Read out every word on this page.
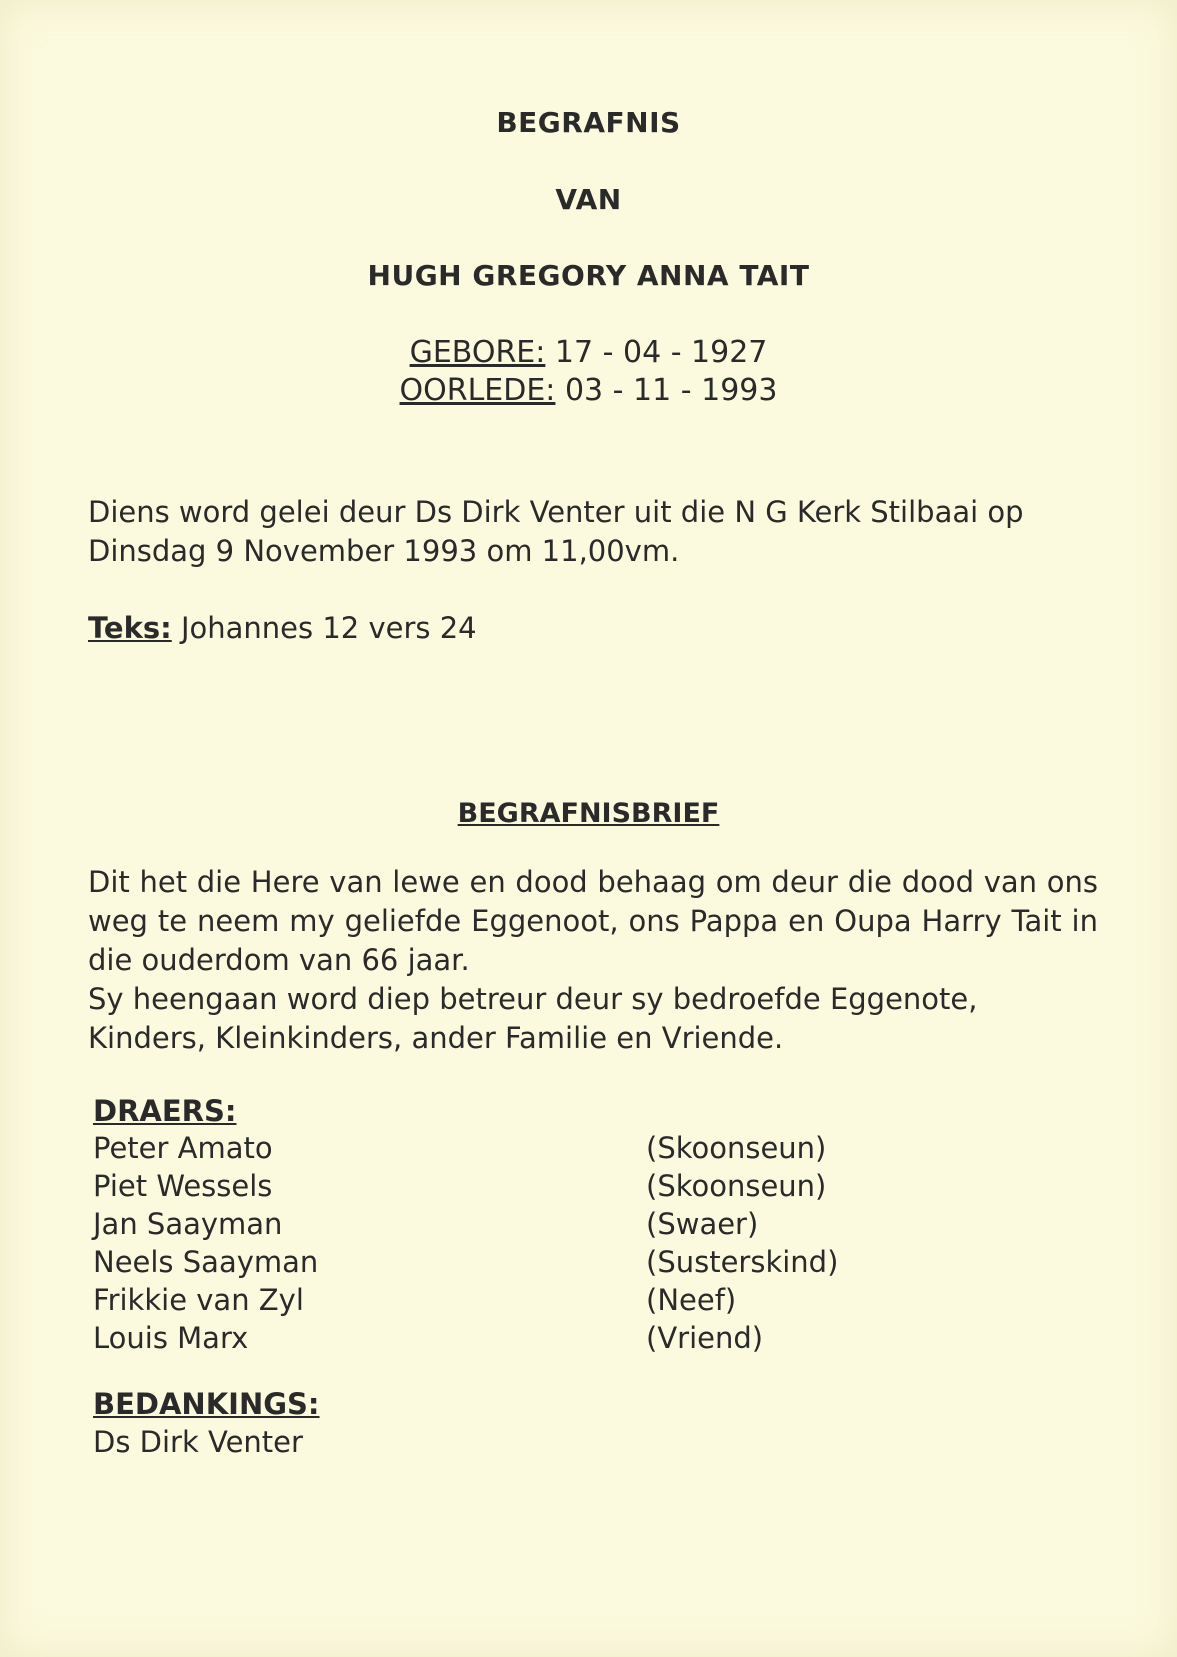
BEGRAFNIS
VAN
HUGH GREGORY ANNA TAIT
GEBORE: 17 - 04 - 1927
OORLEDE: 03 - 11 - 1993
Diens word gelei deur Ds Dirk Venter uit die N G Kerk Stilbaai op
Dinsdag 9 November 1993 om 11,00vm.
Teks: Johannes 12 vers 24
BEGRAFNISBRIEF
Dit het die Here van lewe en dood behaag om deur die dood van ons weg te neem my geliefde Eggenoot, ons Pappa en Oupa Harry Tait in die ouderdom van 66 jaar.
Sy heengaan word diep betreur deur sy bedroefde Eggenote, Kinders, Kleinkinders, ander Familie en Vriende.
DRAERS:
Peter Amato	(Skoonseun)
Piet Wessels	(Skoonseun)
Jan Saayman	(Swaer)
Neels Saayman	(Susterskind)
Frikkie van Zyl	(Neef)
Louis Marx	(Vriend)
BEDANKINGS:
Ds Dirk Venter
